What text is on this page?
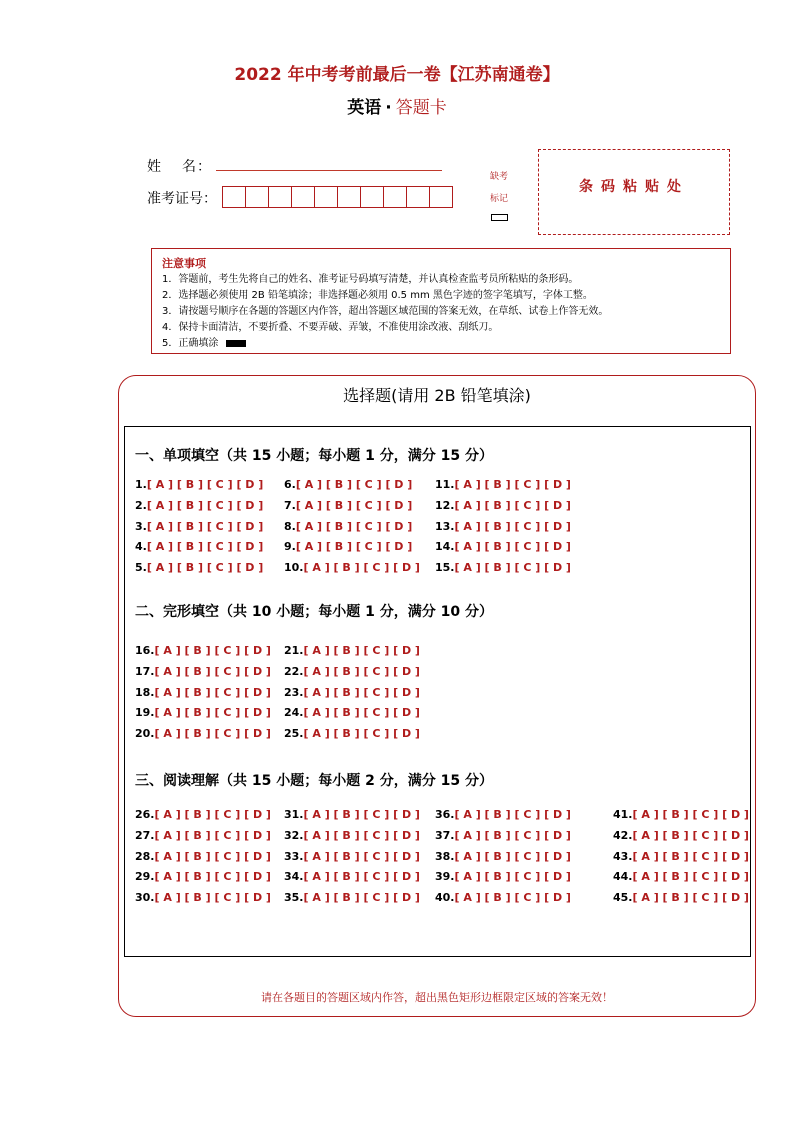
2022 年中考考前最后一卷【江苏南通卷】
英语 · 答题卡
姓 名：
准考证号：
缺考
标记
条码粘贴处
注意事项
1．答题前，考生先将自己的姓名、准考证号码填写清楚，并认真检查监考员所粘贴的条形码。
2．选择题必须使用 2B 铅笔填涂；非选择题必须用 0.5 mm 黑色字迹的签字笔填写，字体工整。
3．请按题号顺序在各题的答题区内作答，超出答题区域范围的答案无效，在草纸、试卷上作答无效。
4．保持卡面清洁，不要折叠、不要弄破、弄皱，不准使用涂改液、刮纸刀。
5．正确填涂
选择题(请用 2B 铅笔填涂)
一、单项填空（共 15 小题；每小题 1 分，满分 15 分）
二、完形填空（共 10 小题；每小题 1 分，满分 10 分）
三、阅读理解（共 15 小题；每小题 2 分，满分 15 分）
1.[ A ] [ B ] [ C ] [ D ]
2.[ A ] [ B ] [ C ] [ D ]
3.[ A ] [ B ] [ C ] [ D ]
4.[ A ] [ B ] [ C ] [ D ]
5.[ A ] [ B ] [ C ] [ D ]
6.[ A ] [ B ] [ C ] [ D ]
7.[ A ] [ B ] [ C ] [ D ]
8.[ A ] [ B ] [ C ] [ D ]
9.[ A ] [ B ] [ C ] [ D ]
10.[ A ] [ B ] [ C ] [ D ]
11.[ A ] [ B ] [ C ] [ D ]
12.[ A ] [ B ] [ C ] [ D ]
13.[ A ] [ B ] [ C ] [ D ]
14.[ A ] [ B ] [ C ] [ D ]
15.[ A ] [ B ] [ C ] [ D ]
16.[ A ] [ B ] [ C ] [ D ]
17.[ A ] [ B ] [ C ] [ D ]
18.[ A ] [ B ] [ C ] [ D ]
19.[ A ] [ B ] [ C ] [ D ]
20.[ A ] [ B ] [ C ] [ D ]
21.[ A ] [ B ] [ C ] [ D ]
22.[ A ] [ B ] [ C ] [ D ]
23.[ A ] [ B ] [ C ] [ D ]
24.[ A ] [ B ] [ C ] [ D ]
25.[ A ] [ B ] [ C ] [ D ]
26.[ A ] [ B ] [ C ] [ D ]
27.[ A ] [ B ] [ C ] [ D ]
28.[ A ] [ B ] [ C ] [ D ]
29.[ A ] [ B ] [ C ] [ D ]
30.[ A ] [ B ] [ C ] [ D ]
31.[ A ] [ B ] [ C ] [ D ]
32.[ A ] [ B ] [ C ] [ D ]
33.[ A ] [ B ] [ C ] [ D ]
34.[ A ] [ B ] [ C ] [ D ]
35.[ A ] [ B ] [ C ] [ D ]
36.[ A ] [ B ] [ C ] [ D ]
37.[ A ] [ B ] [ C ] [ D ]
38.[ A ] [ B ] [ C ] [ D ]
39.[ A ] [ B ] [ C ] [ D ]
40.[ A ] [ B ] [ C ] [ D ]
41.[ A ] [ B ] [ C ] [ D ]
42.[ A ] [ B ] [ C ] [ D ]
43.[ A ] [ B ] [ C ] [ D ]
44.[ A ] [ B ] [ C ] [ D ]
45.[ A ] [ B ] [ C ] [ D ]
请在各题目的答题区域内作答，超出黑色矩形边框限定区域的答案无效！
